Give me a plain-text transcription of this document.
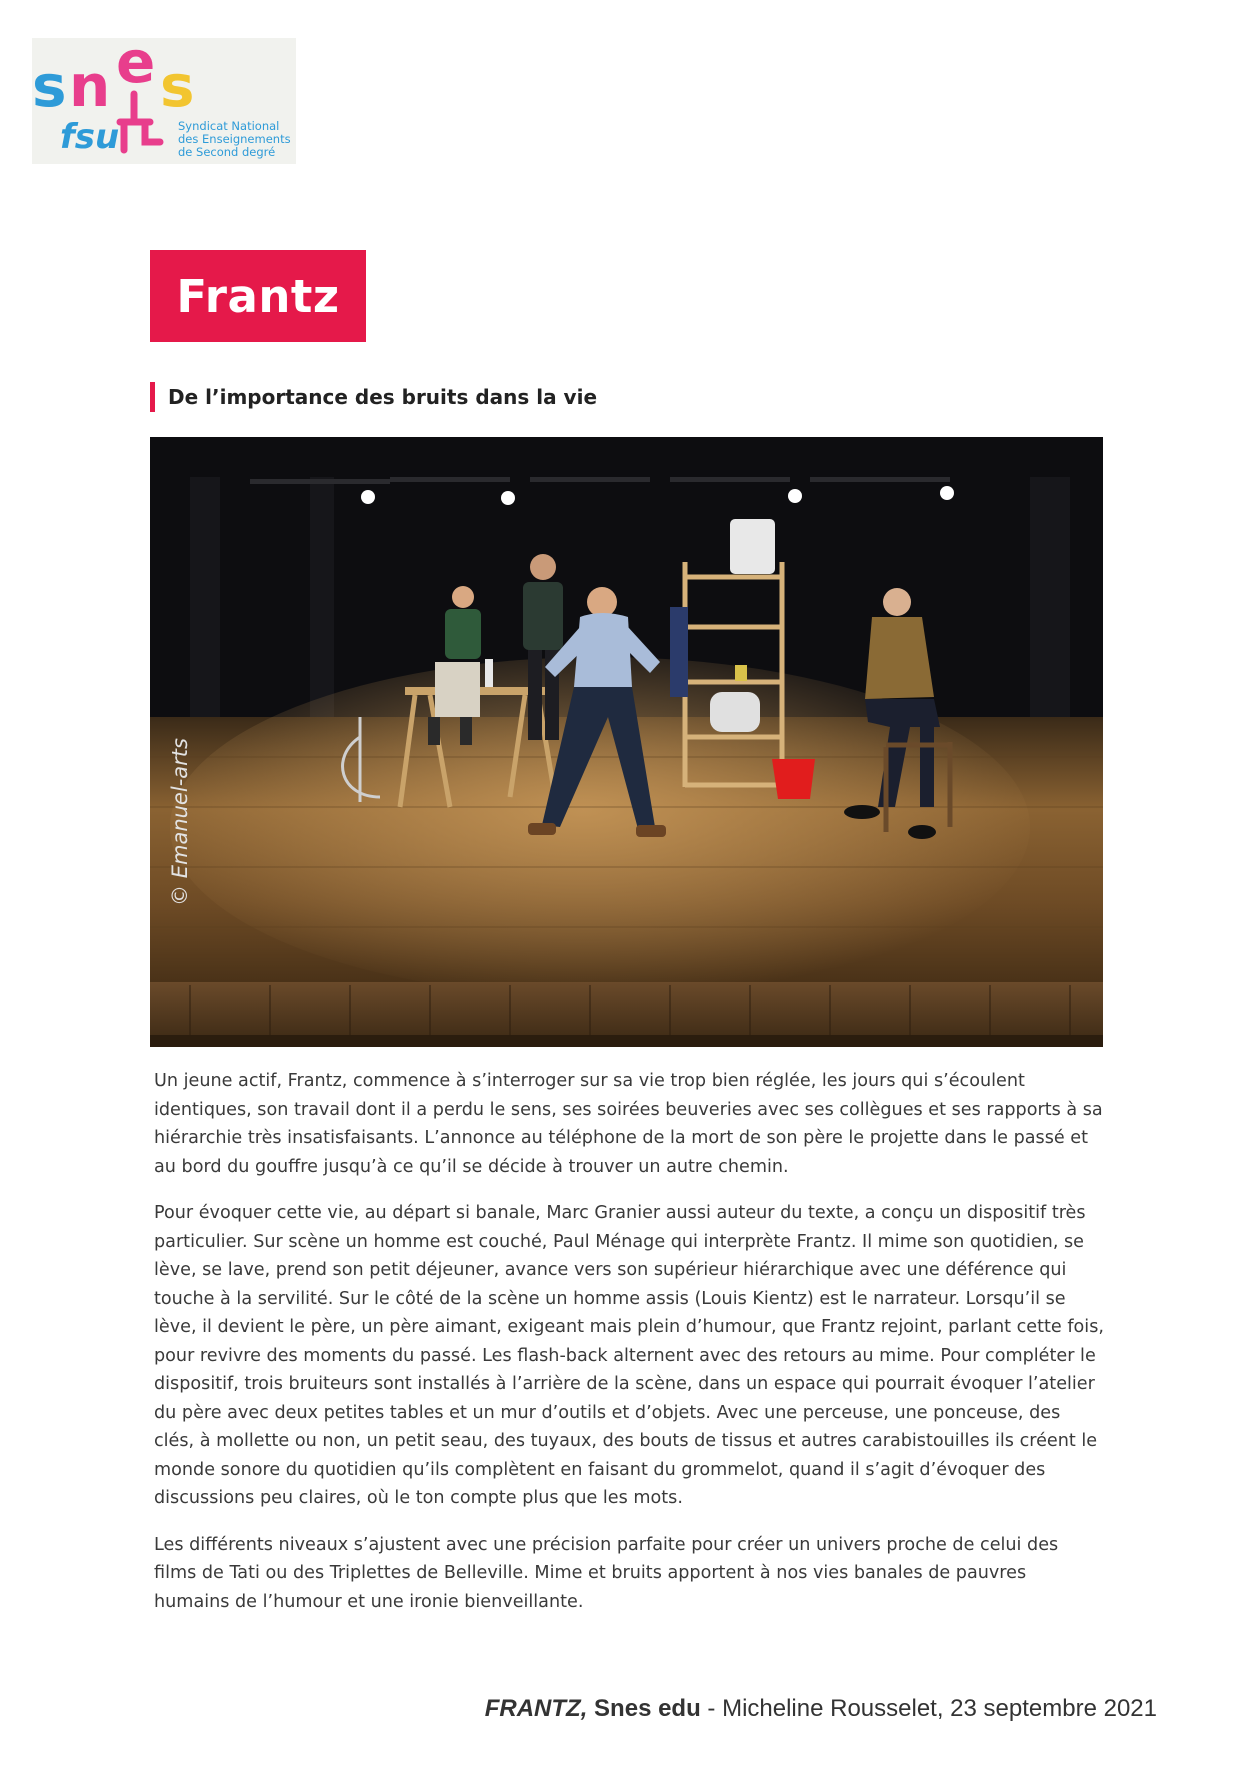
s n e s
fsu	Syndicat National
des Enseignements
de Second degré
Frantz
De l’importance des bruits dans la vie
© Emanuel-arts

Un jeune actif, Frantz, commence à s’interroger sur sa vie trop bien réglée, les jours qui s’écoulent identiques, son travail dont il a perdu le sens, ses soirées beuveries avec ses collègues et ses rapports à sa hiérarchie très insatisfaisants. L’annonce au téléphone de la mort de son père le projette dans le passé et au bord du gouffre jusqu’à ce qu’il se décide à trouver un autre chemin.

Pour évoquer cette vie, au départ si banale, Marc Granier aussi auteur du texte, a conçu un dispositif très particulier. Sur scène un homme est couché, Paul Ménage qui interprète Frantz. Il mime son quotidien, se lève, se lave, prend son petit déjeuner, avance vers son supérieur hiérarchique avec une déférence qui touche à la servilité. Sur le côté de la scène un homme assis (Louis Kientz) est le narrateur. Lorsqu’il se lève, il devient le père, un père aimant, exigeant mais plein d’humour, que Frantz rejoint, parlant cette fois, pour revivre des moments du passé. Les flash-back alternent avec des retours au mime. Pour compléter le dispositif, trois bruiteurs sont installés à l’arrière de la scène, dans un espace qui pourrait évoquer l’atelier du père avec deux petites tables et un mur d’outils et d’objets. Avec une perceuse, une ponceuse, des clés, à mollette ou non, un petit seau, des tuyaux, des bouts de tissus et autres carabistouilles ils créent le monde sonore du quotidien qu’ils complètent en faisant du grommelot, quand il s’agit d’évoquer des discussions peu claires, où le ton compte plus que les mots.

Les différents niveaux s’ajustent avec une précision parfaite pour créer un univers proche de celui des films de Tati ou des Triplettes de Belleville. Mime et bruits apportent à nos vies banales de pauvres humains de l’humour et une ironie bienveillante.

FRANTZ, Snes edu - Micheline Rousselet, 23 septembre 2021
